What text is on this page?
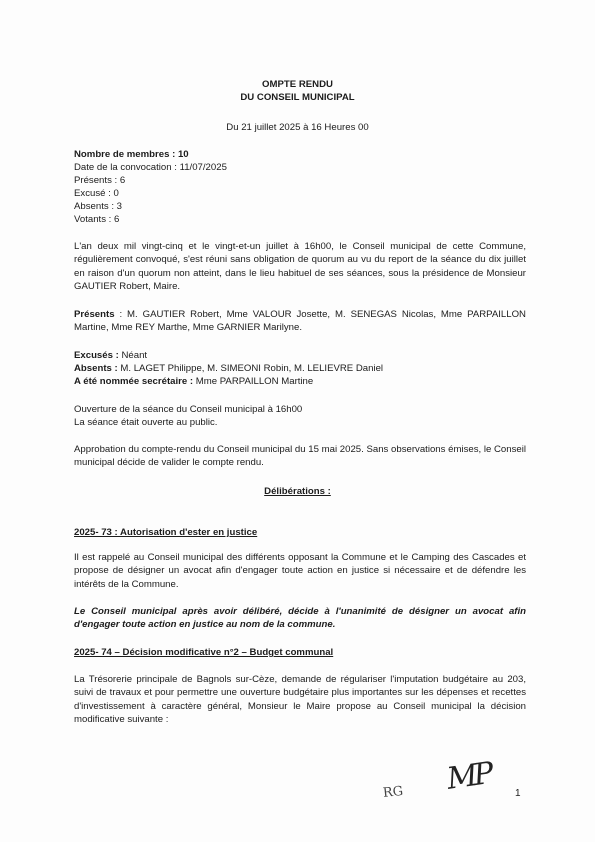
OMPTE RENDU
DU CONSEIL MUNICIPAL
Du 21 juillet 2025 à 16 Heures 00
Nombre de membres : 10
Date de la convocation : 11/07/2025
Présents : 6
Excusé : 0
Absents : 3
Votants : 6
L'an deux mil vingt-cinq et le vingt-et-un juillet à 16h00, le Conseil municipal de cette Commune, régulièrement convoqué, s'est réuni sans obligation de quorum au vu du report de la séance du dix juillet en raison d'un quorum non atteint, dans le lieu habituel de ses séances, sous la présidence de Monsieur GAUTIER Robert, Maire.
Présents : M. GAUTIER Robert, Mme VALOUR Josette, M. SENEGAS Nicolas, Mme PARPAILLON Martine, Mme REY Marthe, Mme GARNIER Marilyne.
Excusés : Néant
Absents : M. LAGET Philippe, M. SIMEONI Robin, M. LELIEVRE Daniel
A été nommée secrétaire : Mme PARPAILLON Martine
Ouverture de la séance du Conseil municipal à 16h00
La séance était ouverte au public.
Approbation du compte-rendu du Conseil municipal du 15 mai 2025. Sans observations émises, le Conseil municipal décide de valider le compte rendu.
Délibérations :
2025- 73 : Autorisation d'ester en justice
Il est rappelé au Conseil municipal des différents opposant la Commune et le Camping des Cascades et propose de désigner un avocat afin d'engager toute action en justice si nécessaire et de défendre les intérêts de la Commune.
Le Conseil municipal après avoir délibéré, décide à l'unanimité de désigner un avocat afin d'engager toute action en justice au nom de la commune.
2025- 74 – Décision modificative n°2 – Budget communal
La Trésorerie principale de Bagnols sur-Cèze, demande de régulariser l'imputation budgétaire au 203, suivi de travaux et pour permettre une ouverture budgétaire plus importantes sur les dépenses et recettes d'investissement à caractère général, Monsieur le Maire propose au Conseil municipal la décision modificative suivante :
RG MP 1
